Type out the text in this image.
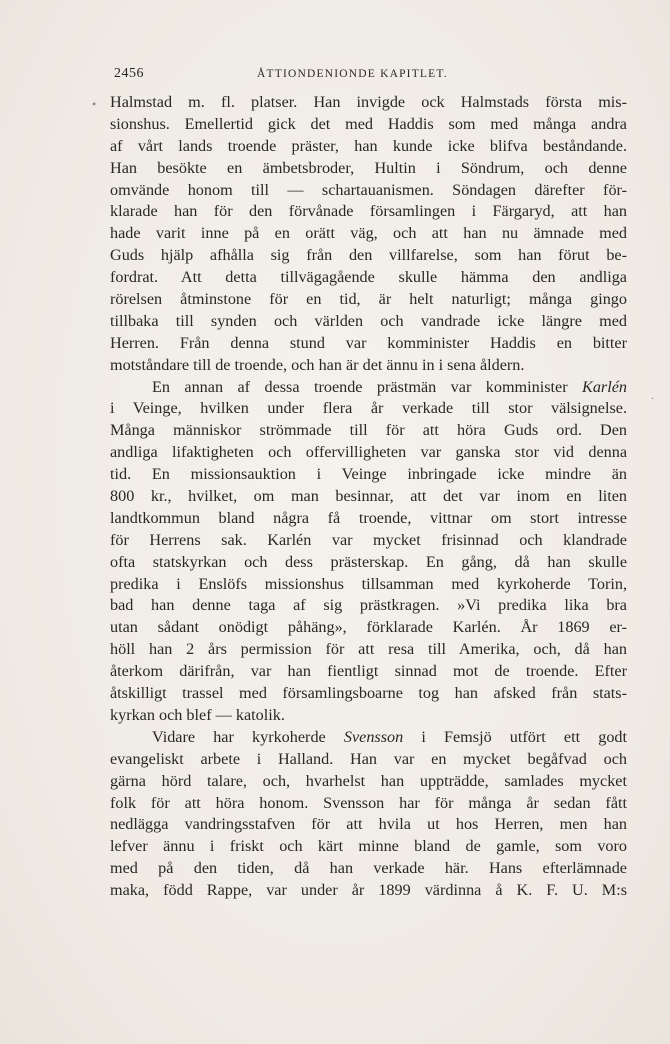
2456	ÅTTIONDENIONDE KAPITLET.
•
.
Halmstad m. fl. platser. Han invigde ock Halmstads första mis-
sionshus. Emellertid gick det med Haddis som med många andra
af vårt lands troende präster, han kunde icke blifva beståndande.
Han besökte en ämbetsbroder, Hultin i Söndrum, och denne
omvände honom till — schartauanismen. Söndagen därefter för-
klarade han för den förvånade församlingen i Färgaryd, att han
hade varit inne på en orätt väg, och att han nu ämnade med
Guds hjälp afhålla sig från den villfarelse, som han förut be-
fordrat. Att detta tillvägagående skulle hämma den andliga
rörelsen åtminstone för en tid, är helt naturligt; många gingo
tillbaka till synden och världen och vandrade icke längre med
Herren. Från denna stund var komminister Haddis en bitter
motståndare till de troende, och han är det ännu in i sena åldern.
En annan af dessa troende prästmän var komminister Karlén
i Veinge, hvilken under flera år verkade till stor välsignelse.
Många människor strömmade till för att höra Guds ord. Den
andliga lifaktigheten och offervilligheten var ganska stor vid denna
tid. En missionsauktion i Veinge inbringade icke mindre än
800 kr., hvilket, om man besinnar, att det var inom en liten
landtkommun bland några få troende, vittnar om stort intresse
för Herrens sak. Karlén var mycket frisinnad och klandrade
ofta statskyrkan och dess prästerskap. En gång, då han skulle
predika i Enslöfs missionshus tillsamman med kyrkoherde Torin,
bad han denne taga af sig prästkragen. »Vi predika lika bra
utan sådant onödigt påhäng», förklarade Karlén. År 1869 er-
höll han 2 års permission för att resa till Amerika, och, då han
återkom därifrån, var han fientligt sinnad mot de troende. Efter
åtskilligt trassel med församlingsboarne tog han afsked från stats-
kyrkan och blef — katolik.
Vidare har kyrkoherde Svensson i Femsjö utfört ett godt
evangeliskt arbete i Halland. Han var en mycket begåfvad och
gärna hörd talare, och, hvarhelst han uppträdde, samlades mycket
folk för att höra honom. Svensson har för många år sedan fått
nedlägga vandringsstafven för att hvila ut hos Herren, men han
lefver ännu i friskt och kärt minne bland de gamle, som voro
med på den tiden, då han verkade här. Hans efterlämnade
maka, född Rappe, var under år 1899 värdinna å K. F. U. M:s
